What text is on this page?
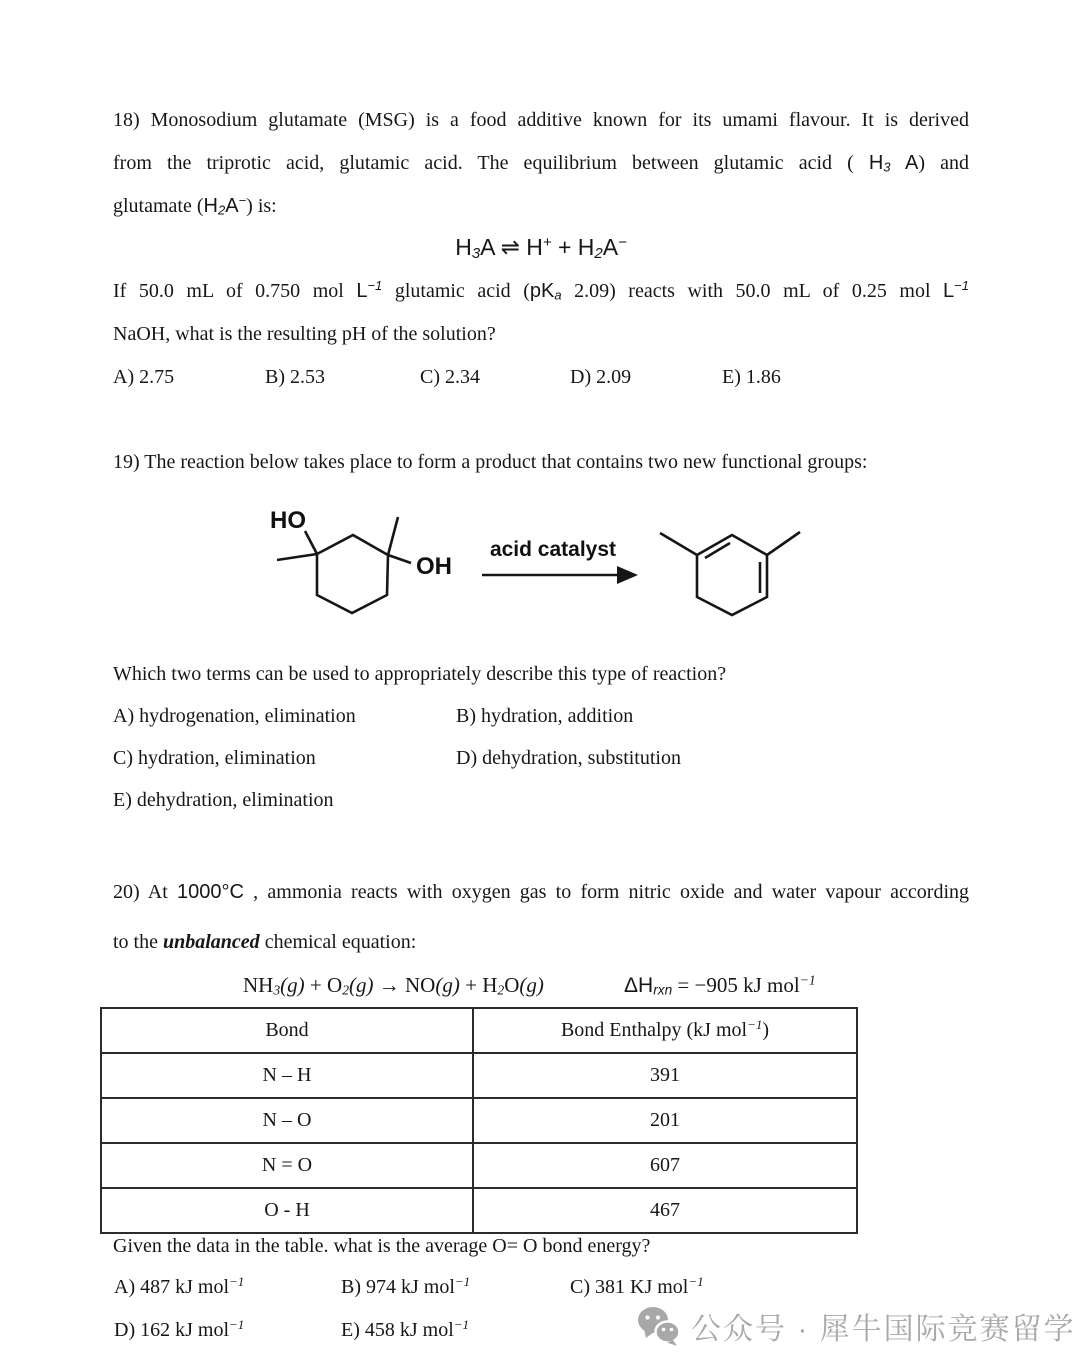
18) Monosodium glutamate (MSG) is a food additive known for its umami flavour. It is derived
from the triprotic acid, glutamic acid. The equilibrium between glutamic acid ( $H_3$ A) and
glutamate $(H_2A^-)$ is:
$H_3A$ ⇌ $H^+ + H_2A^-$
If 50.0 mL of 0.750 mol $L^{-1}$ glutamic acid ($pK_a$ 2.09) reacts with 50.0 mL of 0.25 mol $L^{-1}$
NaOH, what is the resulting pH of the solution?
A) 2.75	B) 2.53	C) 2.34	D) 2.09	E) 1.86
19) The reaction below takes place to form a product that contains two new functional groups:
HO
OH
acid catalyst
Which two terms can be used to appropriately describe this type of reaction?
A) hydrogenation, elimination	B) hydration, addition
C) hydration, elimination	D) dehydration, substitution
E) dehydration, elimination
20) At 1000°C , ammonia reacts with oxygen gas to form nitric oxide and water vapour according
to the unbalanced chemical equation:
$NH_3(g) + O_2(g) \to NO(g) + H_2O(g)$	$\Delta H_{rxn} = -905$ kJ mol$^{-1}$
Bond	Bond Enthalpy (kJ mol$^{-1}$)
N – H	391
N – O	201
N = O	607
O - H	467
Given the data in the table. what is the average O= O bond energy?
A) 487 kJ mol$^{-1}$	B) 974 kJ mol$^{-1}$	C) 381 KJ mol$^{-1}$
D) 162 kJ mol$^{-1}$	E) 458 kJ mol$^{-1}$	公众号 · 犀牛国际竞赛留学
